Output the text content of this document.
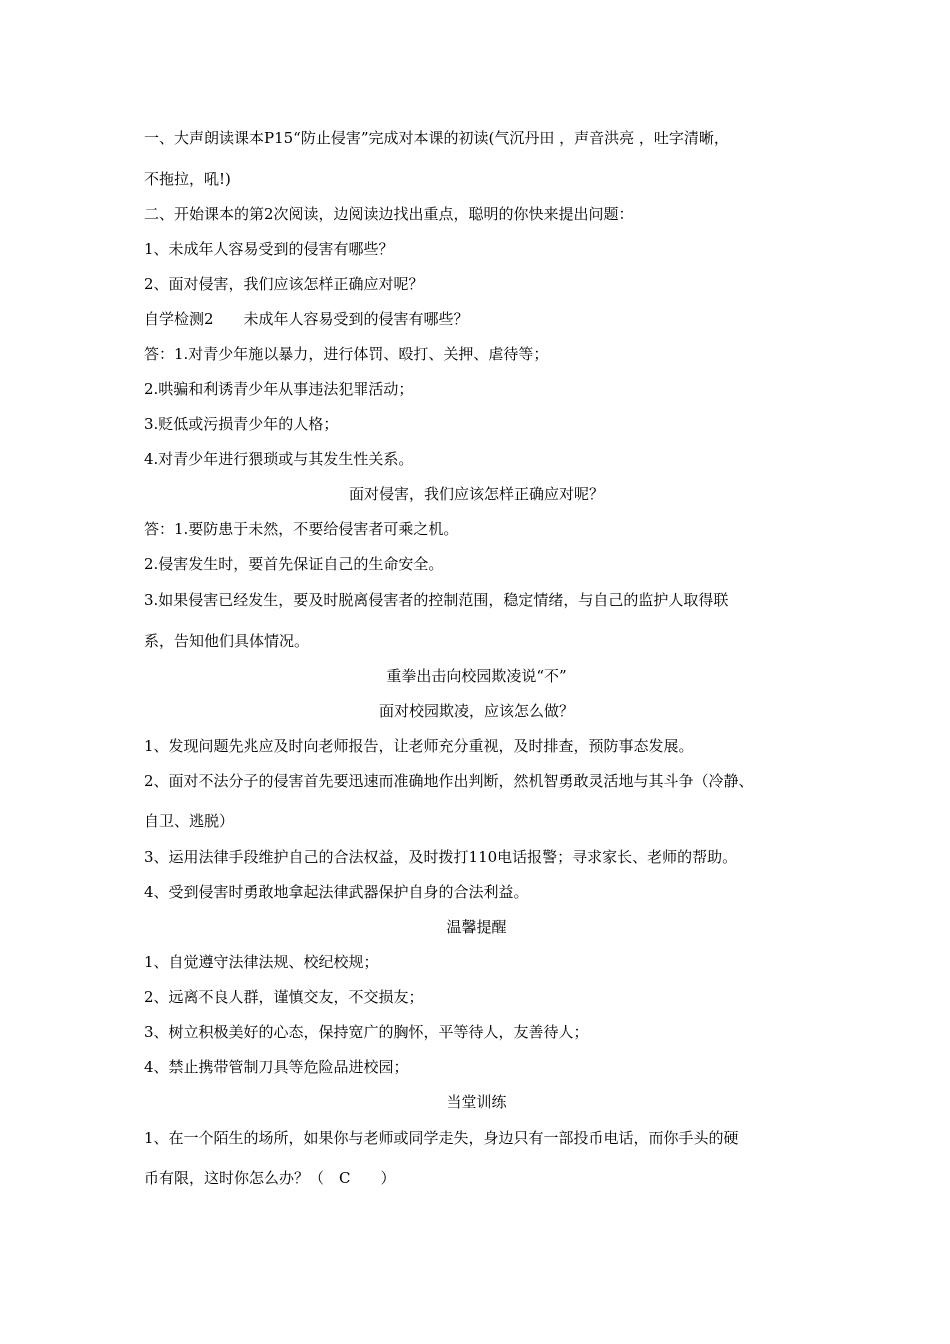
一、大声朗读课本P15“防止侵害”完成对本课的初读(气沉丹田 ，声音洪亮 ，吐字清晰，
不拖拉，吼!)
二、开始课本的第2次阅读，边阅读边找出重点，聪明的你快来提出问题：
1、未成年人容易受到的侵害有哪些？
2、面对侵害，我们应该怎样正确应对呢？
自学检测2　　未成年人容易受到的侵害有哪些？
答：1.对青少年施以暴力，进行体罚、殴打、关押、虐待等；
2.哄骗和利诱青少年从事违法犯罪活动；
3.贬低或污损青少年的人格；
4.对青少年进行猥琐或与其发生性关系。
面对侵害，我们应该怎样正确应对呢？
答：1.要防患于未然，不要给侵害者可乘之机。
2.侵害发生时，要首先保证自己的生命安全。
3.如果侵害已经发生，要及时脱离侵害者的控制范围，稳定情绪，与自己的监护人取得联
系，告知他们具体情况。
重拳出击向校园欺凌说“不”
面对校园欺凌，应该怎么做？
1、发现问题先兆应及时向老师报告，让老师充分重视，及时排查，预防事态发展。
2、面对不法分子的侵害首先要迅速而准确地作出判断，然机智勇敢灵活地与其斗争（冷静、
自卫、逃脱）
3、运用法律手段维护自己的合法权益，及时拨打110电话报警；寻求家长、老师的帮助。
4、受到侵害时勇敢地拿起法律武器保护自身的合法利益。
温馨提醒
1、自觉遵守法律法规、校纪校规；
2、远离不良人群，谨慎交友，不交损友；
3、树立积极美好的心态，保持宽广的胸怀，平等待人，友善待人；
4、禁止携带管制刀具等危险品进校园；
当堂训练
1、在一个陌生的场所，如果你与老师或同学走失，身边只有一部投币电话，而你手头的硬
币有限，这时你怎么办？（　C　　）
